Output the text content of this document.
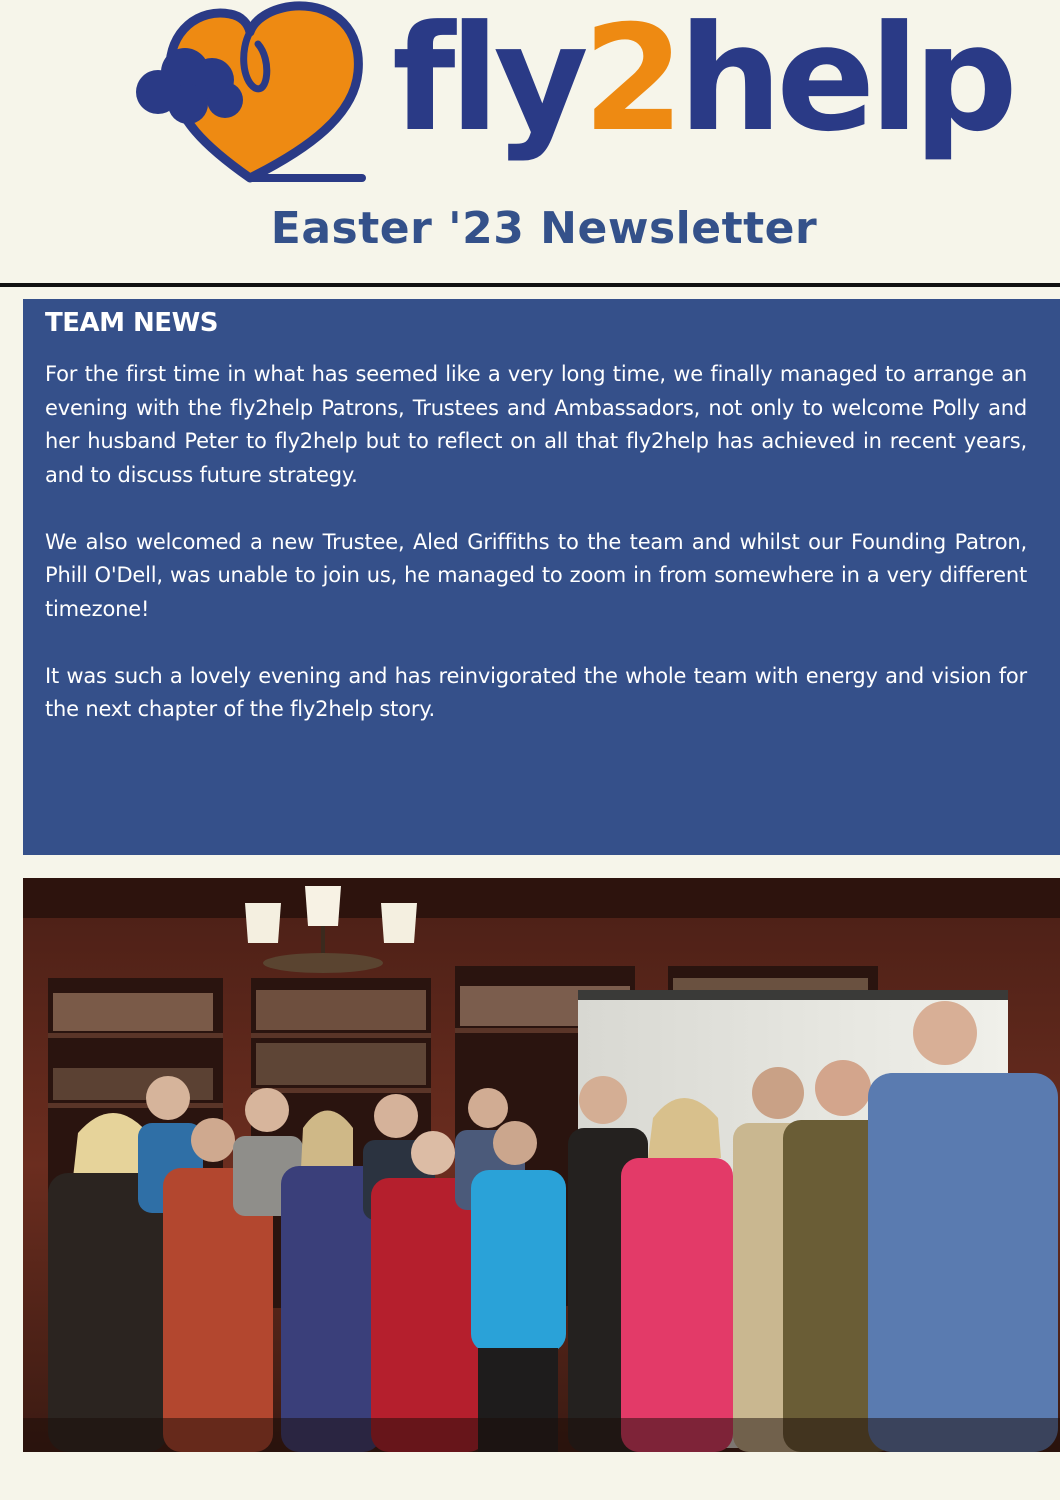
fly2help
Easter '23 Newsletter
TEAM NEWS

For the first time in what has seemed like a very long time, we finally managed to arrange an evening with the fly2help Patrons, Trustees and Ambassadors, not only to welcome Polly and her husband Peter to fly2help but to reflect on all that fly2help has achieved in recent years, and to discuss future strategy.

We also welcomed a new Trustee, Aled Griffiths to the team and whilst our Founding Patron, Phill O'Dell, was unable to join us, he managed to zoom in from somewhere in a very different timezone!

It was such a lovely evening and has reinvigorated the whole team with energy and vision for the next chapter of the fly2help story.
